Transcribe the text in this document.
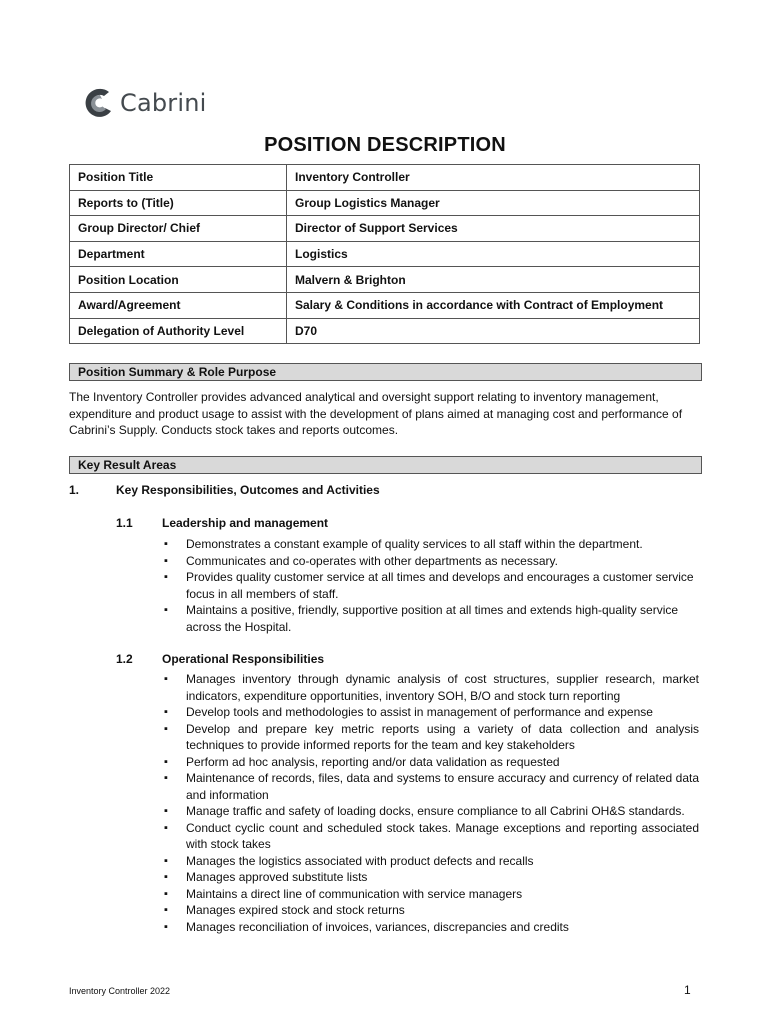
Cabrini
POSITION DESCRIPTION
Position Title	Inventory Controller
Reports to (Title)	Group Logistics Manager
Group Director/ Chief	Director of Support Services
Department	Logistics
Position Location	Malvern & Brighton
Award/Agreement	Salary & Conditions in accordance with Contract of Employment
Delegation of Authority Level	D70
Position Summary & Role Purpose
The Inventory Controller provides advanced analytical and oversight support relating to inventory management, expenditure and product usage to assist with the development of plans aimed at managing cost and performance of Cabrini’s Supply. Conducts stock takes and reports outcomes.
Key Result Areas
1.	Key Responsibilities, Outcomes and Activities
1.1 Leadership and management
▪ Demonstrates a constant example of quality services to all staff within the department.
▪ Communicates and co-operates with other departments as necessary.
▪ Provides quality customer service at all times and develops and encourages a customer service focus in all members of staff.
▪ Maintains a positive, friendly, supportive position at all times and extends high-quality service across the Hospital.
1.2 Operational Responsibilities
▪ Manages inventory through dynamic analysis of cost structures, supplier research, market indicators, expenditure opportunities, inventory SOH, B/O and stock turn reporting
▪ Develop tools and methodologies to assist in management of performance and expense
▪ Develop and prepare key metric reports using a variety of data collection and analysis techniques to provide informed reports for the team and key stakeholders
▪ Perform ad hoc analysis, reporting and/or data validation as requested
▪ Maintenance of records, files, data and systems to ensure accuracy and currency of related data and information
▪ Manage traffic and safety of loading docks, ensure compliance to all Cabrini OH&S standards.
▪ Conduct cyclic count and scheduled stock takes. Manage exceptions and reporting associated with stock takes
▪ Manages the logistics associated with product defects and recalls
▪ Manages approved substitute lists
▪ Maintains a direct line of communication with service managers
▪ Manages expired stock and stock returns
▪ Manages reconciliation of invoices, variances, discrepancies and credits
Inventory Controller 2022	1
